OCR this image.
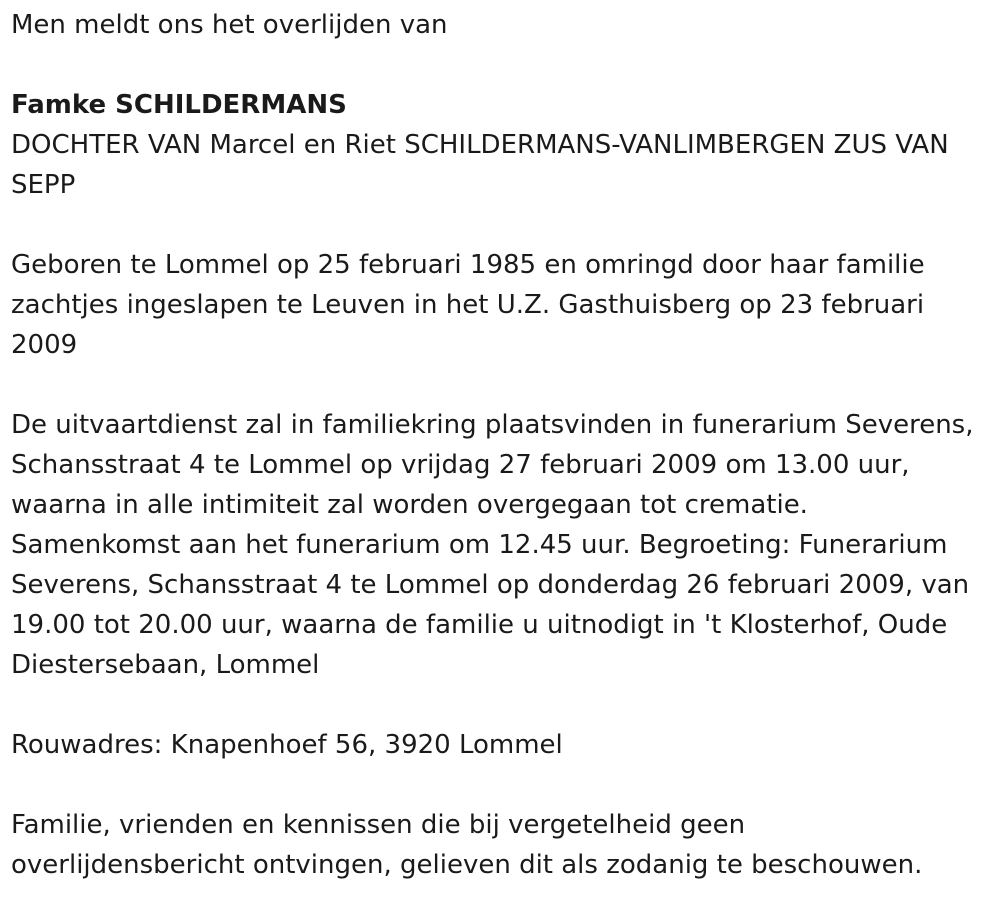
Men meldt ons het overlijden van

Famke SCHILDERMANS

DOCHTER VAN Marcel en Riet SCHILDERMANS-VANLIMBERGEN ZUS VAN
SEPP

Geboren te Lommel op 25 februari 1985 en omringd door haar familie
zachtjes ingeslapen te Leuven in het U.Z. Gasthuisberg op 23 februari
2009

De uitvaartdienst zal in familiekring plaatsvinden in funerarium Severens,
Schansstraat 4 te Lommel op vrijdag 27 februari 2009 om 13.00 uur,
waarna in alle intimiteit zal worden overgegaan tot crematie.
Samenkomst aan het funerarium om 12.45 uur. Begroeting: Funerarium
Severens, Schansstraat 4 te Lommel op donderdag 26 februari 2009, van
19.00 tot 20.00 uur, waarna de familie u uitnodigt in 't Klosterhof, Oude
Diestersebaan, Lommel

Rouwadres: Knapenhoef 56, 3920 Lommel

Familie, vrienden en kennissen die bij vergetelheid geen
overlijdensbericht ontvingen, gelieven dit als zodanig te beschouwen.
